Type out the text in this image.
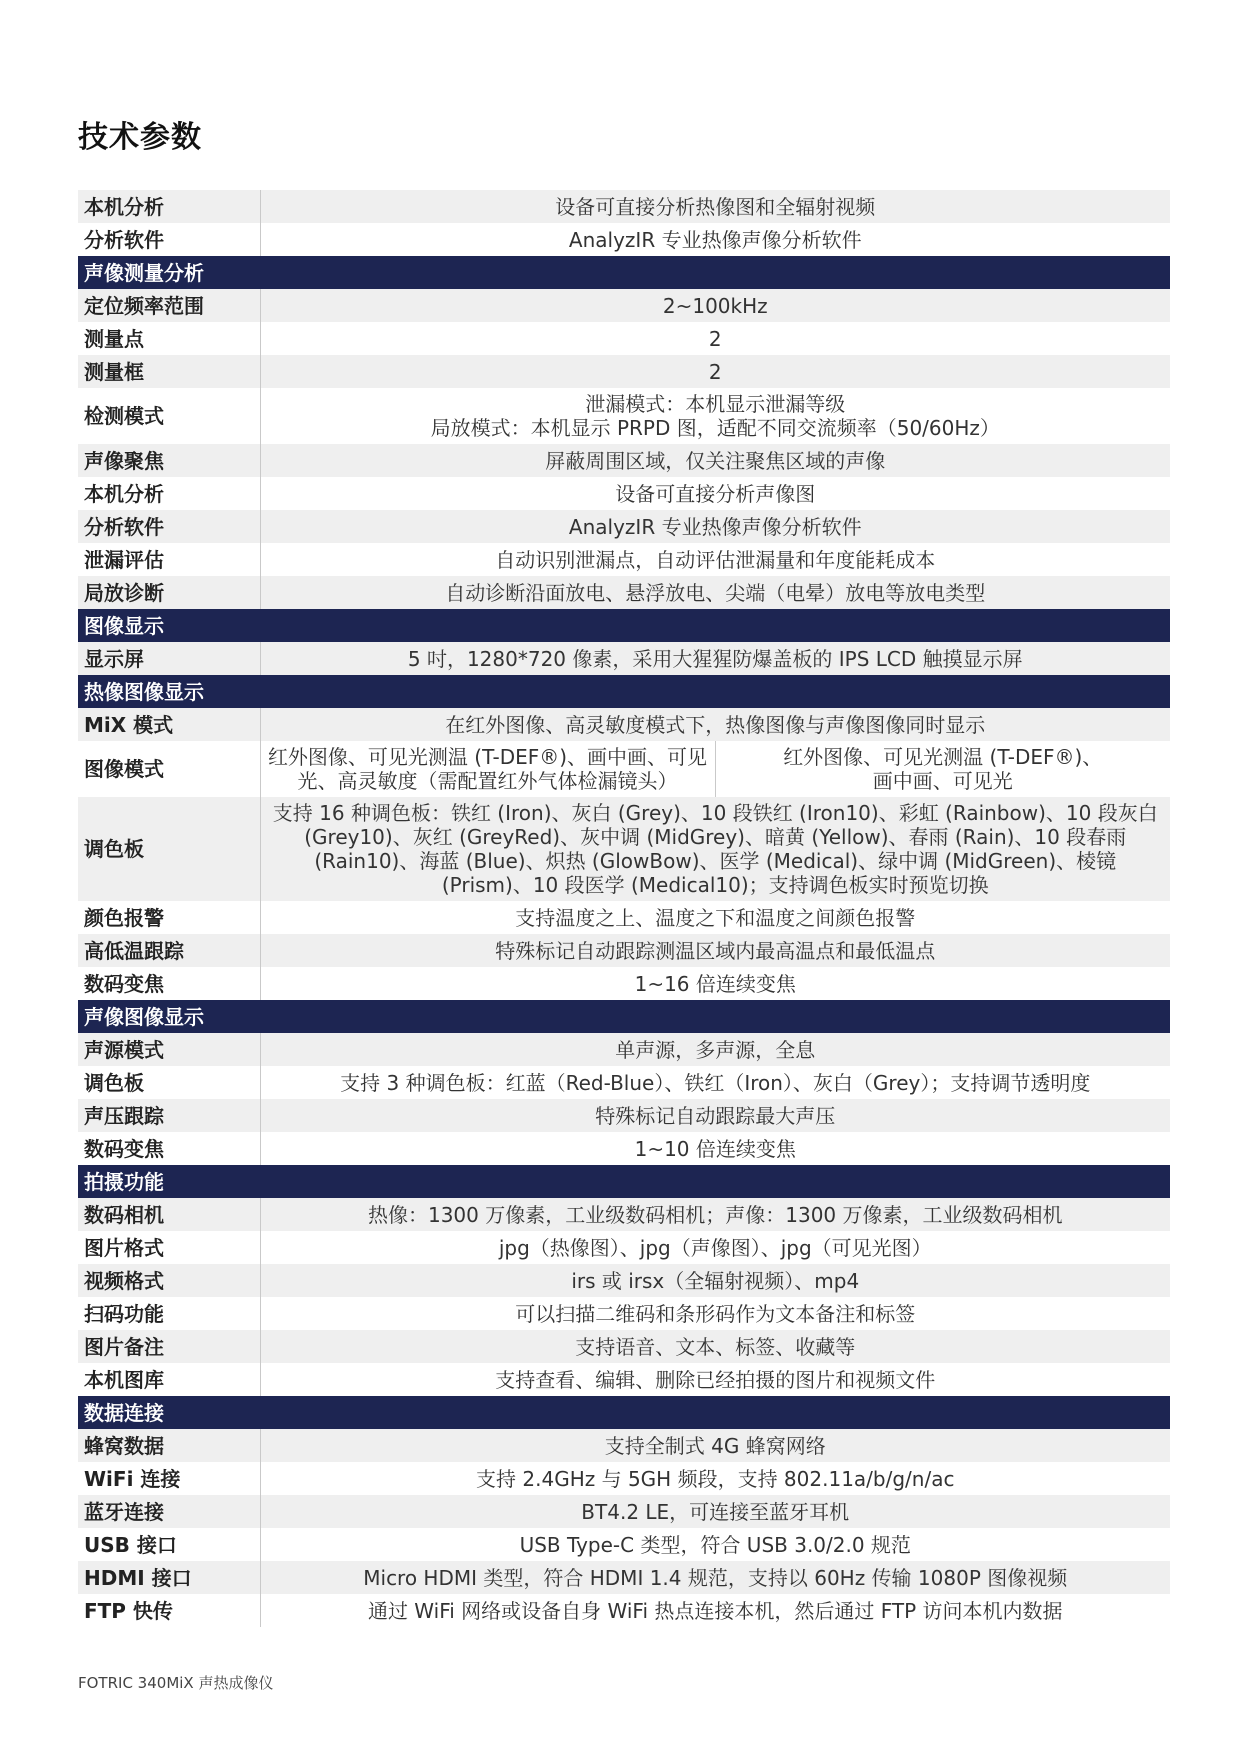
技术参数
本机分析	设备可直接分析热像图和全辐射视频	
分析软件	AnalyzIR 专业热像声像分析软件	
声像测量分析		
定位频率范围	2~100kHz	
测量点	2	
测量框	2	
检测模式	泄漏模式：本机显示泄漏等级
局放模式：本机显示 PRPD 图，适配不同交流频率（50/60Hz）	
声像聚焦	屏蔽周围区域，仅关注聚焦区域的声像	
本机分析	设备可直接分析声像图	
分析软件	AnalyzIR 专业热像声像分析软件	
泄漏评估	自动识别泄漏点，自动评估泄漏量和年度能耗成本	
局放诊断	自动诊断沿面放电、悬浮放电、尖端（电晕）放电等放电类型	
图像显示		
显示屏	5 吋，1280*720 像素，采用大猩猩防爆盖板的 IPS LCD 触摸显示屏	
热像图像显示		
MiX 模式	在红外图像、高灵敏度模式下，热像图像与声像图像同时显示	
图像模式	红外图像、可见光测温 (T-DEF®)、画中画、可见光、高灵敏度（需配置红外气体检漏镜头）	红外图像、可见光测温 (T-DEF®)、
画中画、可见光
调色板	支持 16 种调色板：铁红 (Iron)、灰白 (Grey)、10 段铁红 (Iron10)、彩虹 (Rainbow)、10 段灰白 (Grey10)、灰红 (GreyRed)、灰中调 (MidGrey)、暗黄 (Yellow)、春雨 (Rain)、10 段春雨 (Rain10)、海蓝 (Blue)、炽热 (GlowBow)、医学 (Medical)、绿中调 (MidGreen)、棱镜 (Prism)、10 段医学 (Medical10)；支持调色板实时预览切换	
颜色报警	支持温度之上、温度之下和温度之间颜色报警	
高低温跟踪	特殊标记自动跟踪测温区域内最高温点和最低温点	
数码变焦	1~16 倍连续变焦	
声像图像显示		
声源模式	单声源，多声源，全息	
调色板	支持 3 种调色板：红蓝（Red-Blue）、铁红（Iron）、灰白（Grey）；支持调节透明度	
声压跟踪	特殊标记自动跟踪最大声压	
数码变焦	1~10 倍连续变焦	
拍摄功能		
数码相机	热像：1300 万像素，工业级数码相机；声像：1300 万像素，工业级数码相机	
图片格式	jpg（热像图）、jpg（声像图）、jpg（可见光图）	
视频格式	irs 或 irsx（全辐射视频）、mp4	
扫码功能	可以扫描二维码和条形码作为文本备注和标签	
图片备注	支持语音、文本、标签、收藏等	
本机图库	支持查看、编辑、删除已经拍摄的图片和视频文件	
数据连接		
蜂窝数据	支持全制式 4G 蜂窝网络	
WiFi 连接	支持 2.4GHz 与 5GH 频段，支持 802.11a/b/g/n/ac	
蓝牙连接	BT4.2 LE，可连接至蓝牙耳机	
USB 接口	USB Type-C 类型，符合 USB 3.0/2.0 规范	
HDMI 接口	Micro HDMI 类型，符合 HDMI 1.4 规范，支持以 60Hz 传输 1080P 图像视频	
FTP 快传	通过 WiFi 网络或设备自身 WiFi 热点连接本机，然后通过 FTP 访问本机内数据	
FOTRIC 340MiX 声热成像仪
